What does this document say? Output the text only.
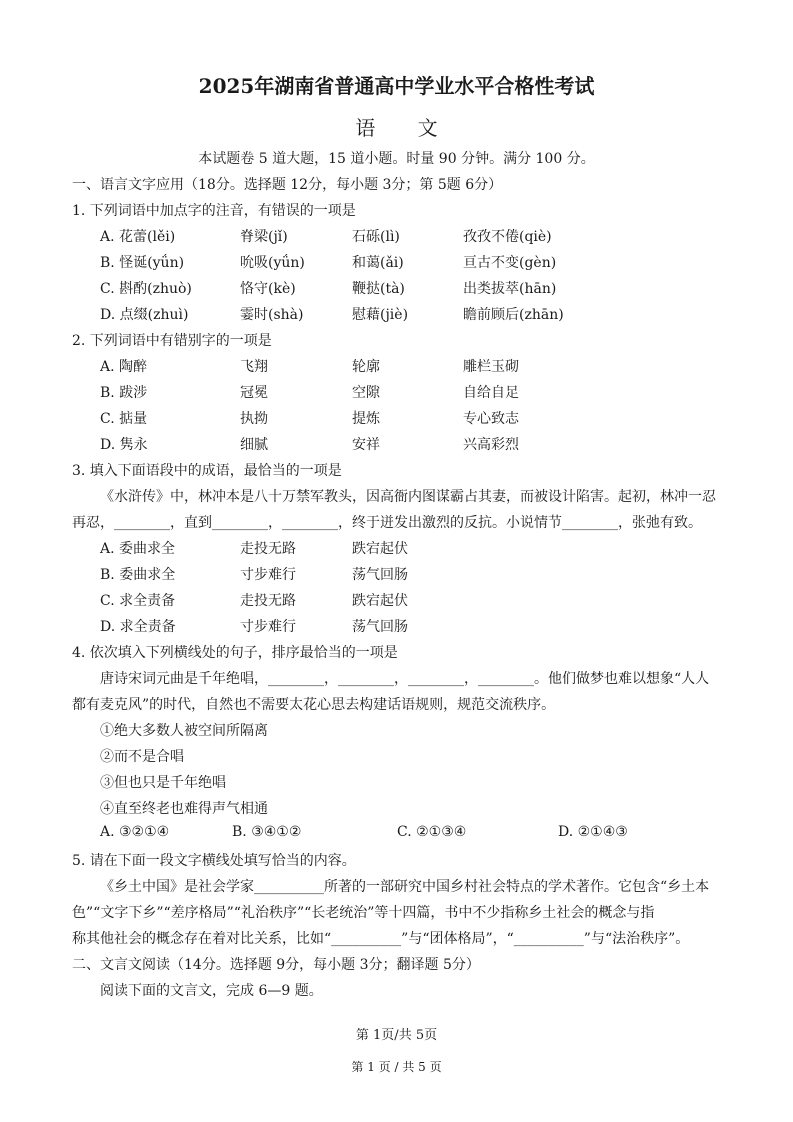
2025年湖南省普通高中学业水平合格性考试
语 文
本试题卷 5 道大题，15 道小题。时量 90 分钟。满分 100 分。
一、语言文字应用（18分。选择题 12分，每小题 3分；第 5题 6分）
1. 下列词语中加点字的注音，有错误的一项是
A. 花蕾(lěi)	脊梁(jǐ)	石砾(lì)	孜孜不倦(qiè)
B. 怪诞(yǘn)	吮吸(yǘn)	和蔼(ǎi)	亘古不变(gèn)
C. 斟酌(zhuò)	恪守(kè)	鞭挞(tà)	出类拔萃(hān)
D. 点缀(zhuì)	霎时(shà)	慰藉(jiè)	瞻前顾后(zhān)
2. 下列词语中有错别字的一项是
A. 陶醉	飞翔	轮廓	雕栏玉砌
B. 跋涉	冠冕	空隙	自给自足
C. 掂量	执拗	提炼	专心致志
D. 隽永	细腻	安祥	兴高彩烈
3. 填入下面语段中的成语，最恰当的一项是
《水浒传》中，林冲本是八十万禁军教头，因高衙内图谋霸占其妻，而被设计陷害。起初，林冲一忍
再忍，________，直到________，________，终于迸发出激烈的反抗。小说情节________，张弛有致。
A. 委曲求全	走投无路	跌宕起伏
B. 委曲求全	寸步难行	荡气回肠
C. 求全责备	走投无路	跌宕起伏
D. 求全责备	寸步难行	荡气回肠
4. 依次填入下列横线处的句子，排序最恰当的一项是
唐诗宋词元曲是千年绝唱，________，________，________，________。他们做梦也难以想象“人人
都有麦克风”的时代，自然也不需要太花心思去构建话语规则，规范交流秩序。
①绝大多数人被空间所隔离
②而不是合唱
③但也只是千年绝唱
④直至终老也难得声气相通
A. ③②①④	B. ③④①②	C. ②①③④	D. ②①④③
5. 请在下面一段文字横线处填写恰当的内容。
《乡土中国》是社会学家__________所著的一部研究中国乡村社会特点的学术著作。它包含“乡土本
色”“文字下乡”“差序格局”“礼治秩序”“长老统治”等十四篇，书中不少指称乡土社会的概念与指
称其他社会的概念存在着对比关系，比如“__________”与“团体格局”，“__________”与“法治秩序”。
二、文言文阅读（14分。选择题 9分，每小题 3分；翻译题 5分）
阅读下面的文言文，完成 6—9 题。
第 1页/共 5页
第 1 页 / 共 5 页
